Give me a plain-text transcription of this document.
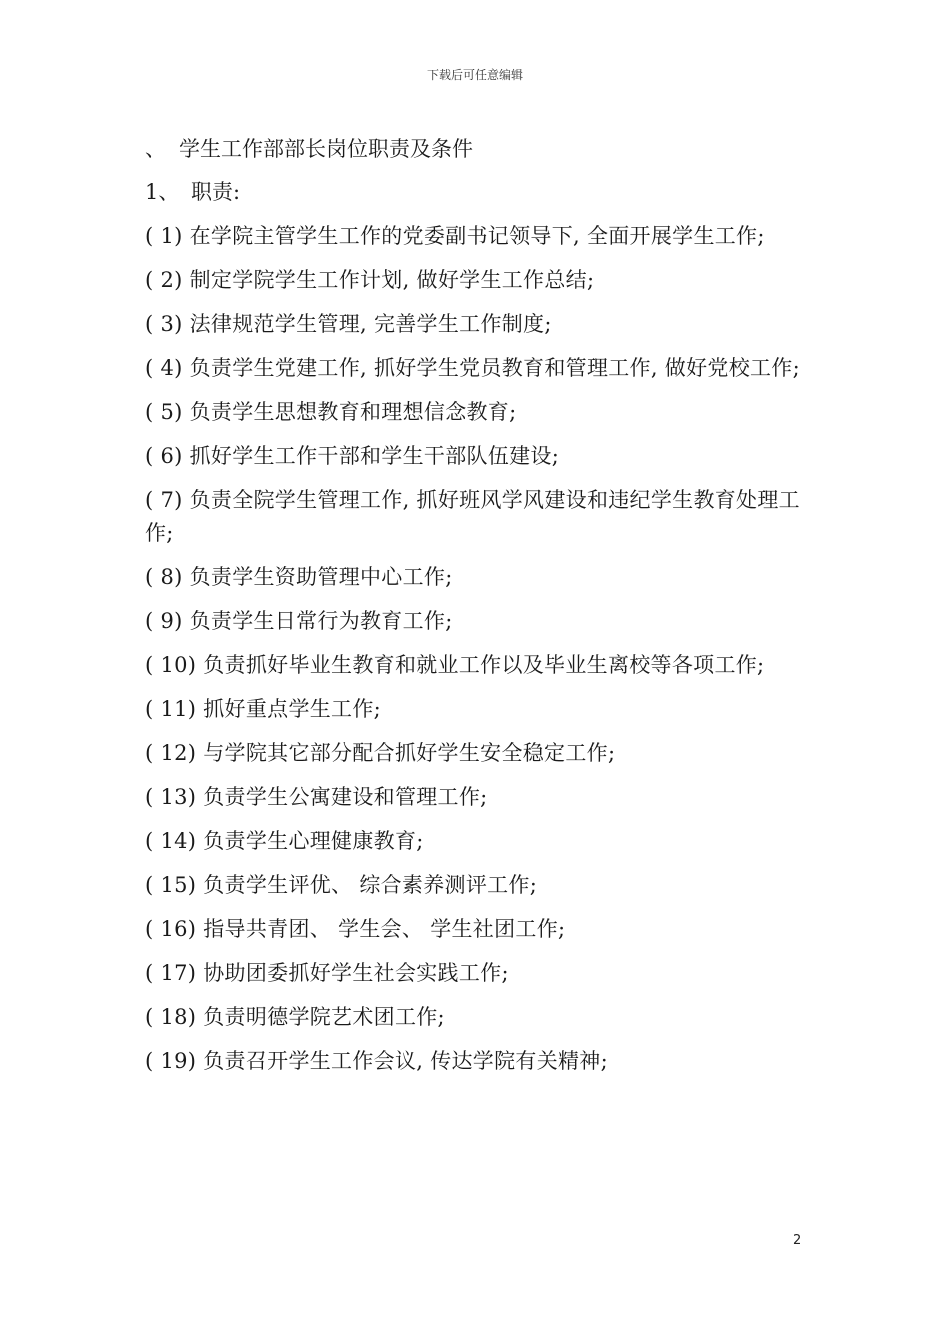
下载后可任意编辑
、 学生工作部部长岗位职责及条件
1、 职责:
( 1) 在学院主管学生工作的党委副书记领导下, 全面开展学生工作;
( 2) 制定学院学生工作计划, 做好学生工作总结;
( 3) 法律规范学生管理, 完善学生工作制度;
( 4) 负责学生党建工作, 抓好学生党员教育和管理工作, 做好党校工作;
( 5) 负责学生思想教育和理想信念教育;
( 6) 抓好学生工作干部和学生干部队伍建设;
( 7) 负责全院学生管理工作, 抓好班风学风建设和违纪学生教育处理工作;
( 8) 负责学生资助管理中心工作;
( 9) 负责学生日常行为教育工作;
( 10) 负责抓好毕业生教育和就业工作以及毕业生离校等各项工作;
( 11) 抓好重点学生工作;
( 12) 与学院其它部分配合抓好学生安全稳定工作;
( 13) 负责学生公寓建设和管理工作;
( 14) 负责学生心理健康教育;
( 15) 负责学生评优、 综合素养测评工作;
( 16) 指导共青团、 学生会、 学生社团工作;
( 17) 协助团委抓好学生社会实践工作;
( 18) 负责明德学院艺术团工作;
( 19) 负责召开学生工作会议, 传达学院有关精神;
2
